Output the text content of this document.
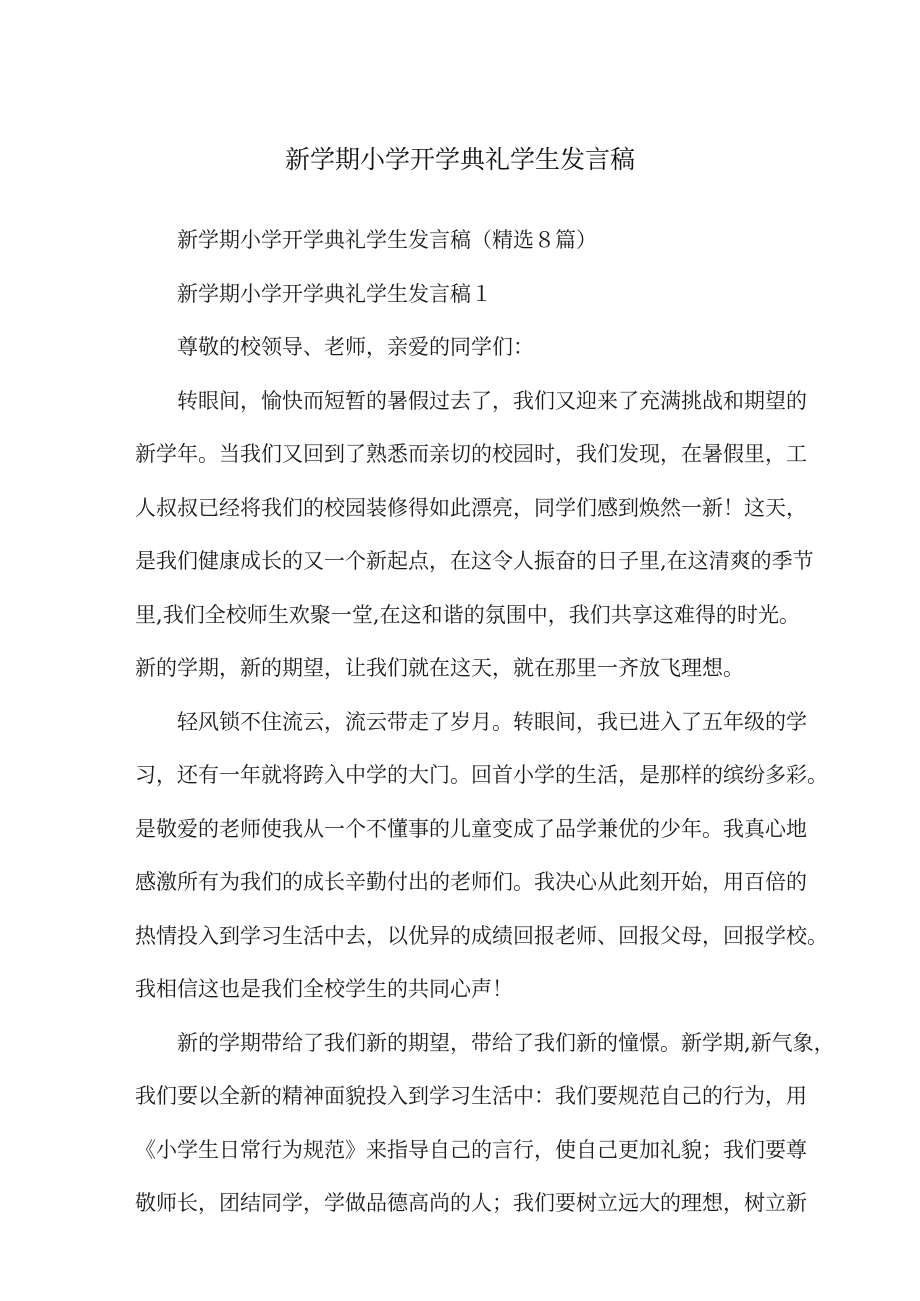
新学期小学开学典礼学生发言稿
新学期小学开学典礼学生发言稿（精选８篇）
新学期小学开学典礼学生发言稿１
尊敬的校领导、老师，亲爱的同学们：
转眼间，愉快而短暂的暑假过去了，我们又迎来了充满挑战和期望的
新学年。当我们又回到了熟悉而亲切的校园时，我们发现，在暑假里，工
人叔叔已经将我们的校园装修得如此漂亮，同学们感到焕然一新！这天，
是我们健康成长的又一个新起点，在这令人振奋的日子里,在这清爽的季节
里,我们全校师生欢聚一堂,在这和谐的氛围中，我们共享这难得的时光。
新的学期，新的期望，让我们就在这天，就在那里一齐放飞理想。
轻风锁不住流云，流云带走了岁月。转眼间，我已进入了五年级的学
习，还有一年就将跨入中学的大门。回首小学的生活，是那样的缤纷多彩。
是敬爱的老师使我从一个不懂事的儿童变成了品学兼优的少年。我真心地
感激所有为我们的成长辛勤付出的老师们。我决心从此刻开始，用百倍的
热情投入到学习生活中去，以优异的成绩回报老师、回报父母，回报学校。
我相信这也是我们全校学生的共同心声！
新的学期带给了我们新的期望，带给了我们新的憧憬。新学期,新气象，
我们要以全新的精神面貌投入到学习生活中：我们要规范自己的行为，用
《小学生日常行为规范》来指导自己的言行，使自己更加礼貌；我们要尊
敬师长，团结同学，学做品德高尚的人；我们要树立远大的理想，树立新
